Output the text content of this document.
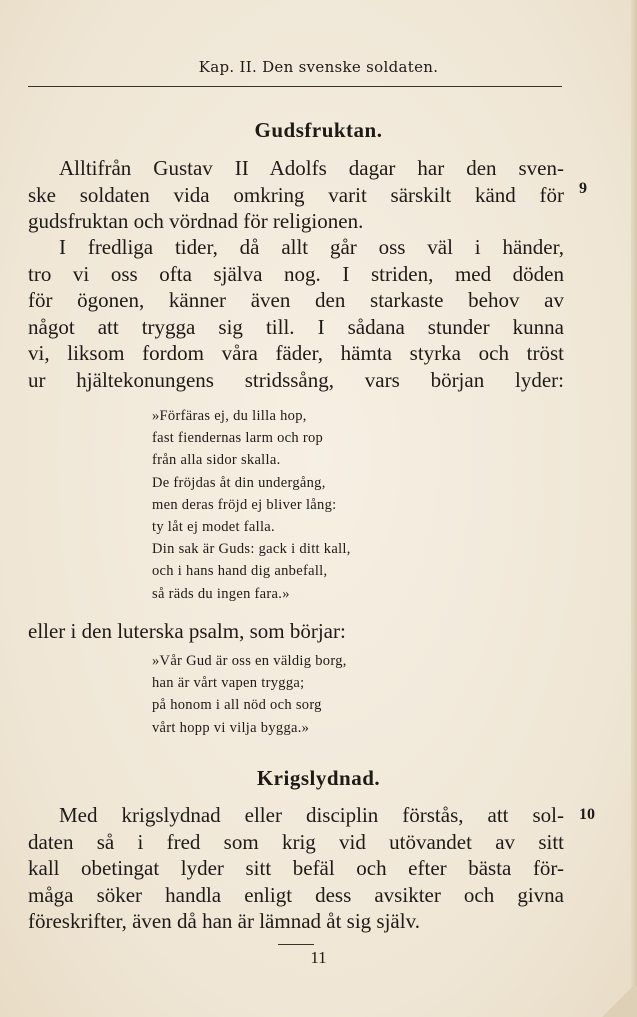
Kap. II. Den svenske soldaten.
Gudsfruktan.
9
Alltifrån Gustav II Adolfs dagar har den sven-
ske soldaten vida omkring varit särskilt känd för
gudsfruktan och vördnad för religionen.
I fredliga tider, då allt går oss väl i händer,
tro vi oss ofta själva nog. I striden, med döden
för ögonen, känner även den starkaste behov av
något att trygga sig till. I sådana stunder kunna
vi, liksom fordom våra fäder, hämta styrka och tröst
ur hjältekonungens stridssång, vars början lyder:
»Förfäras ej, du lilla hop,
fast fiendernas larm och rop
från alla sidor skalla.
De fröjdas åt din undergång,
men deras fröjd ej bliver lång:
ty låt ej modet falla.
Din sak är Guds: gack i ditt kall,
och i hans hand dig anbefall,
så räds du ingen fara.»
eller i den luterska psalm, som börjar:
»Vår Gud är oss en väldig borg,
han är vårt vapen trygga;
på honom i all nöd och sorg
vårt hopp vi vilja bygga.»
Krigslydnad.
10
Med krigslydnad eller disciplin förstås, att sol-
daten så i fred som krig vid utövandet av sitt
kall obetingat lyder sitt befäl och efter bästa för-
måga söker handla enligt dess avsikter och givna
föreskrifter, även då han är lämnad åt sig själv.
11
